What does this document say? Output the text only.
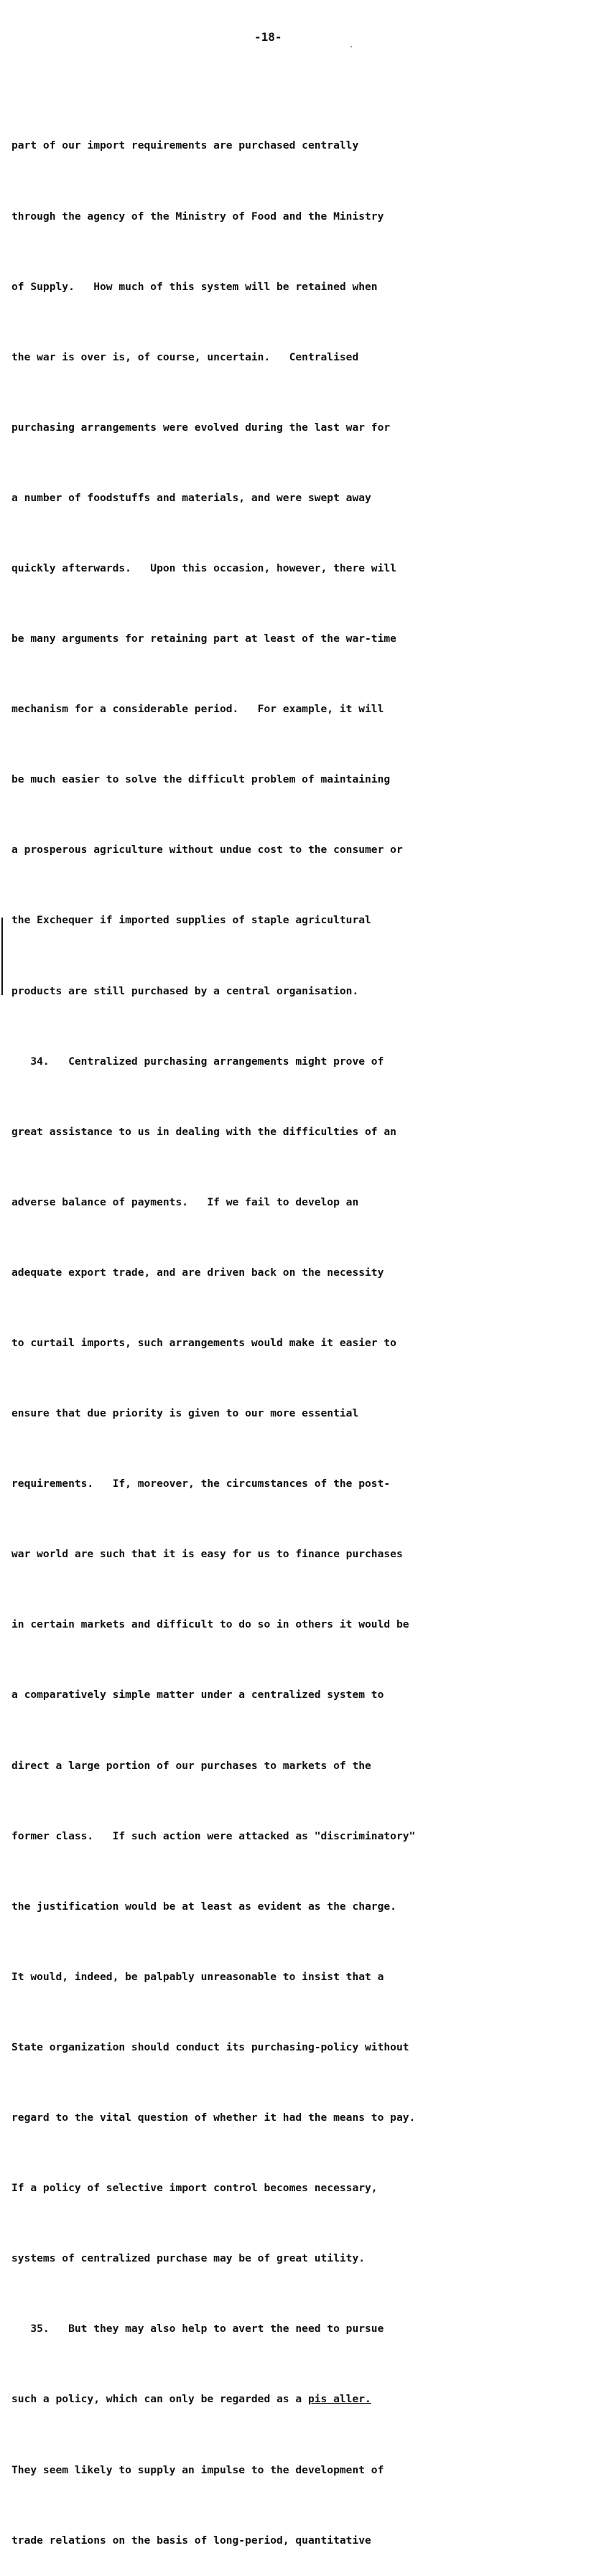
-18-

part of our import requirements are purchased centrally

through the agency of the Ministry of Food and the Ministry

of Supply.   How much of this system will be retained when

the war is over is, of course, uncertain.   Centralised

purchasing arrangements were evolved during the last war for

a number of foodstuffs and materials, and were swept away

quickly afterwards.   Upon this occasion, however, there will

be many arguments for retaining part at least of the war-time

mechanism for a considerable period.   For example, it will

be much easier to solve the difficult problem of maintaining

a prosperous agriculture without undue cost to the consumer or

the Exchequer if imported supplies of staple agricultural

products are still purchased by a central organisation.

34.   Centralized purchasing arrangements might prove of

great assistance to us in dealing with the difficulties of an

adverse balance of payments.   If we fail to develop an

adequate export trade, and are driven back on the necessity

to curtail imports, such arrangements would make it easier to

ensure that due priority is given to our more essential

requirements.   If, moreover, the circumstances of the post-

war world are such that it is easy for us to finance purchases

in certain markets and difficult to do so in others it would be

a comparatively simple matter under a centralized system to

direct a large portion of our purchases to markets of the

former class.   If such action were attacked as "discriminatory"

the justification would be at least as evident as the charge.

It would, indeed, be palpably unreasonable to insist that a

State organization should conduct its purchasing-policy without

regard to the vital question of whether it had the means to pay.

If a policy of selective import control becomes necessary,

systems of centralized purchase may be of great utility.

35.   But they may also help to avert the need to pursue

such a policy, which can only be regarded as a pis aller.

They seem likely to supply an impulse to the development of

trade relations on the basis of long-period, quantitative
